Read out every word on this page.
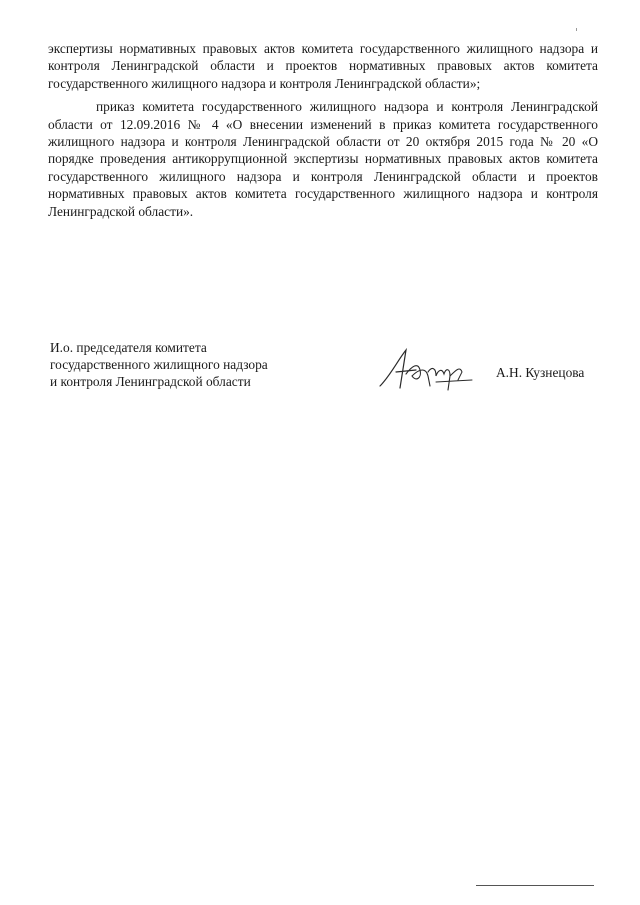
экспертизы нормативных правовых актов комитета государственного жилищного надзора и контроля Ленинградской области и проектов нормативных правовых актов комитета государственного жилищного надзора и контроля Ленинградской области»;

приказ комитета государственного жилищного надзора и контроля Ленинградской области от 12.09.2016 № 4 «О внесении изменений в приказ комитета государственного жилищного надзора и контроля Ленинградской области от 20 октября 2015 года № 20 «О порядке проведения антикоррупционной экспертизы нормативных правовых актов комитета государственного жилищного надзора и контроля Ленинградской области и проектов нормативных правовых актов комитета государственного жилищного надзора и контроля Ленинградской области».

И.о. председателя комитета
государственного жилищного надзора
и контроля Ленинградской области
А.Н. Кузнецова
